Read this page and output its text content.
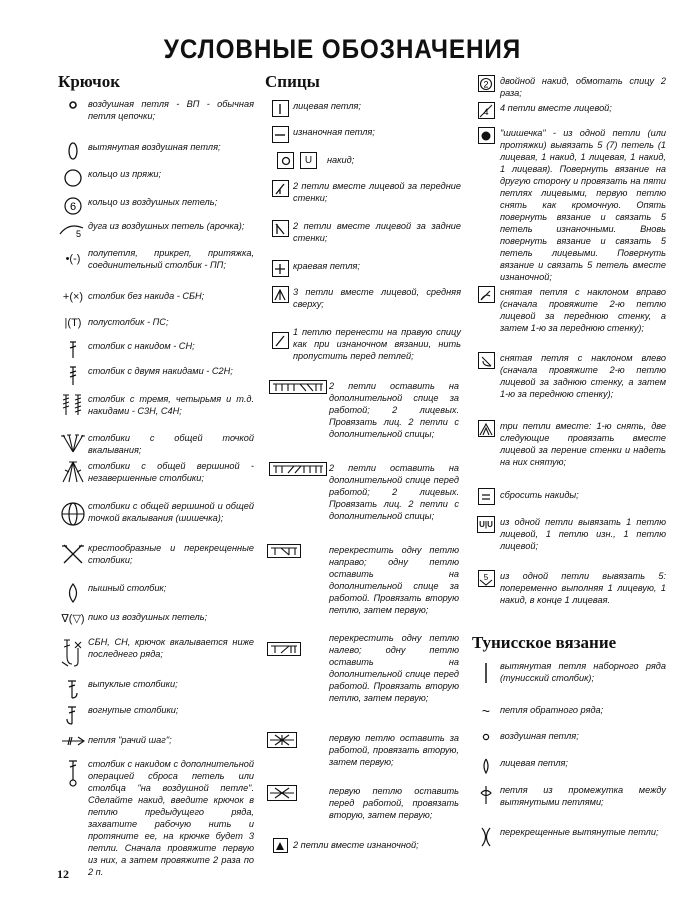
УСЛОВНЫЕ ОБОЗНАЧЕНИЯ
Крючок	Спицы
Тунисское вязание
воздушная петля - ВП - обычная петля цепочки;
вытянутая воздушная петля;
кольцо из пряжи;
6 кольцо из воздушных петель;
5
дуга из воздушных петель (арочка);
•(-) полупетля, прикреп, притяжка, соединительный столбик - ПП;
+(×) столбик без накида - СБН;
|(T) полустолбик - ПС;
столбик с накидом - СН;
столбик с двумя накидами - С2Н;
столбик с тремя, четырьмя и т.д. накидами - С3Н, С4Н;
столбики с общей точкой вкалывания;
столбики с общей вершиной - незавершенные столбики;
столбики с общей вершиной и общей точкой вкалывания (шишечка);
крестообразные и перекрещенные столбики;
пышный столбик;
∇(▽) пико из воздушных петель;
СБН, СН, крючок вкалывается ниже последнего ряда;
выпуклые столбики;
вогнутые столбики;
петля "рачий шаг";
столбик с накидом с дополнительной операцией сброса петель или столбца "на воздушной петле". Сделайте накид, введите крючок в петлю предыдущего ряда, захватите рабочую нить и протяните ее, на крючке будет 3 петли. Сначала провяжите первую из них, а затем провяжите 2 раза по 2 п.
лицевая петля;
изнаночная петля;
U	накид;
2 петли вместе лицевой за передние стенки;
2 петли вместе лицевой за задние стенки;
краевая петля;
3 петли вместе лицевой, средняя сверху;
1 петлю перенести на правую спицу как при изнаночном вязании, нить пропустить перед петлей;
2 петли оставить на дополнительной спице за работой; 2 лицевых. Провязать лиц. 2 петли с дополнительной спицы;
2 петли оставить на дополнительной спице перед работой; 2 лицевых. Провязать лиц. 2 петли с дополнительной спицы;
перекрестить одну петлю направо; одну петлю оставить на дополнительной спице за работой. Провязать вторую петлю, затем первую;
перекрестить одну петлю налево; одну петлю оставить на дополнительной спице перед работой. Провязать вторую петлю, затем первую;
первую петлю оставить за работой, провязать вторую, затем первую;
первую петлю оставить перед работой, провязать вторую, затем первую;
2 петли вместе изнаночной;
2 двойной накид, обмотать спицу 2 раза;
4 4 петли вместе лицевой;
"шишечка" - из одной петли (или протяжки) вывязать 5 (7) петель (1 лицевая, 1 накид, 1 лицевая, 1 накид, 1 лицевая). Повернуть вязание на другую сторону и провязать на пяти петлях лицевыми, первую петлю снять как кромочную. Опять повернуть вязание и связать 5 петель изнаночными. Вновь повернуть вязание и связать 5 петель лицевыми. Повернуть вязание и связать 5 петель вместе изнаночной;
снятая петля с наклоном вправо (сначала провяжите 2-ю петлю лицевой за переднюю стенку, а затем 1-ю за переднюю стенку);
снятая петля с наклоном влево (сначала провяжите 2-ю петлю лицевой за заднюю стенку, а затем 1-ю за переднюю стенку);
три петли вместе: 1-ю снять, две следующие провязать вместе лицевой за перение стенки и надеть на них снятую;
сбросить накиды;
U|U из одной петли вывязать 1 петлю лицевой, 1 петлю изн., 1 петлю лицевой;
5 из одной петли вывязать 5: попеременно выполняя 1 лицевую, 1 накид, в конце 1 лицевая.
вытянутая петля наборного ряда (тунисский столбик);
~	петля обратного ряда;
воздушная петля;
лицевая петля;
петля из промежутка между вытянутыми петлями;
перекрещенные вытянутые петли;
12
